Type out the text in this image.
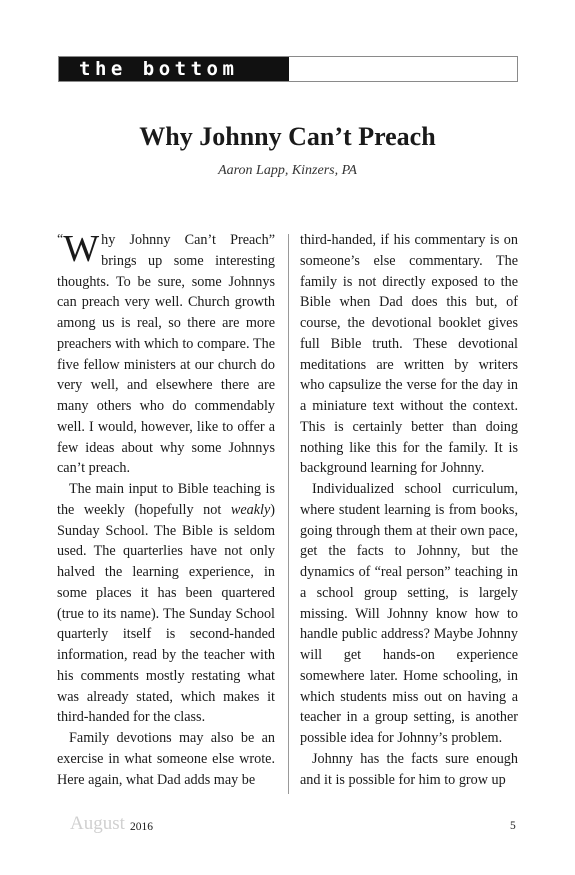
the bottom line
Why Johnny Can’t Preach
Aaron Lapp, Kinzers, PA

“ W hy Johnny Can’t Preach” brings up some interesting thoughts. To be sure, some Johnnys can preach very well. Church growth among us is real, so there are more preachers with which to compare. The five fellow ministers at our church do very well, and elsewhere there are many others who do commendably well. I would, however, like to offer a few ideas about why some Johnnys can’t preach.

The main input to Bible teaching is the weekly (hopefully not weakly) Sunday School. The Bible is seldom used. The quarterlies have not only halved the learning experience, in some places it has been quartered (true to its name). The Sunday School quarterly itself is second-handed information, read by the teacher with his comments mostly restating what was already stated, which makes it third-handed for the class.

Family devotions may also be an exercise in what someone else wrote. Here again, what Dad adds may be

third-handed, if his commentary is on someone’s else commentary. The family is not directly exposed to the Bible when Dad does this but, of course, the devotional booklet gives full Bible truth. These devotional meditations are written by writers who capsulize the verse for the day in a miniature text without the context. This is certainly better than doing nothing like this for the family. It is background learning for Johnny.

Individualized school curriculum, where student learning is from books, going through them at their own pace, get the facts to Johnny, but the dynamics of “real person” teaching in a school group setting, is largely missing. Will Johnny know how to handle public address? Maybe Johnny will get hands-on experience somewhere later. Home schooling, in which students miss out on having a teacher in a group setting, is another possible idea for Johnny’s problem.

Johnny has the facts sure enough and it is possible for him to grow up

August 2016	5
